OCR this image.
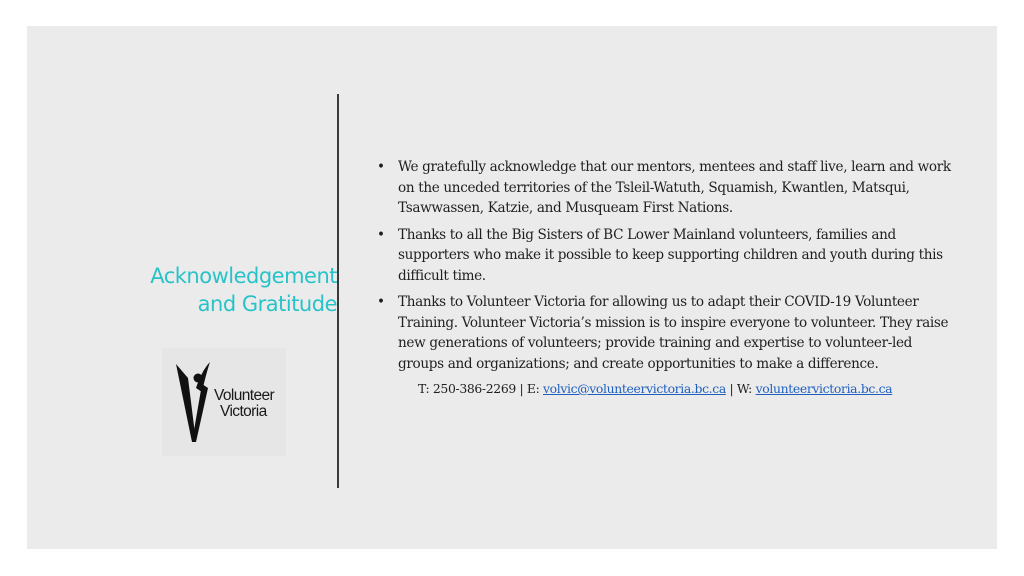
Acknowledgement
and Gratitude
Volunteer
Victoria
• We gratefully acknowledge that our mentors, mentees and staff live, learn and work on the unceded territories of the Tsleil-Watuth, Squamish, Kwantlen, Matsqui, Tsawwassen, Katzie, and Musqueam First Nations.
• Thanks to all the Big Sisters of BC Lower Mainland volunteers, families and supporters who make it possible to keep supporting children and youth during this difficult time.
• Thanks to Volunteer Victoria for allowing us to adapt their COVID-19 Volunteer Training. Volunteer Victoria’s mission is to inspire everyone to volunteer. They raise new generations of volunteers; provide training and expertise to volunteer-led groups and organizations; and create opportunities to make a difference.
T: 250-386-2269 | E: volvic@volunteervictoria.bc.ca | W: volunteervictoria.bc.ca
